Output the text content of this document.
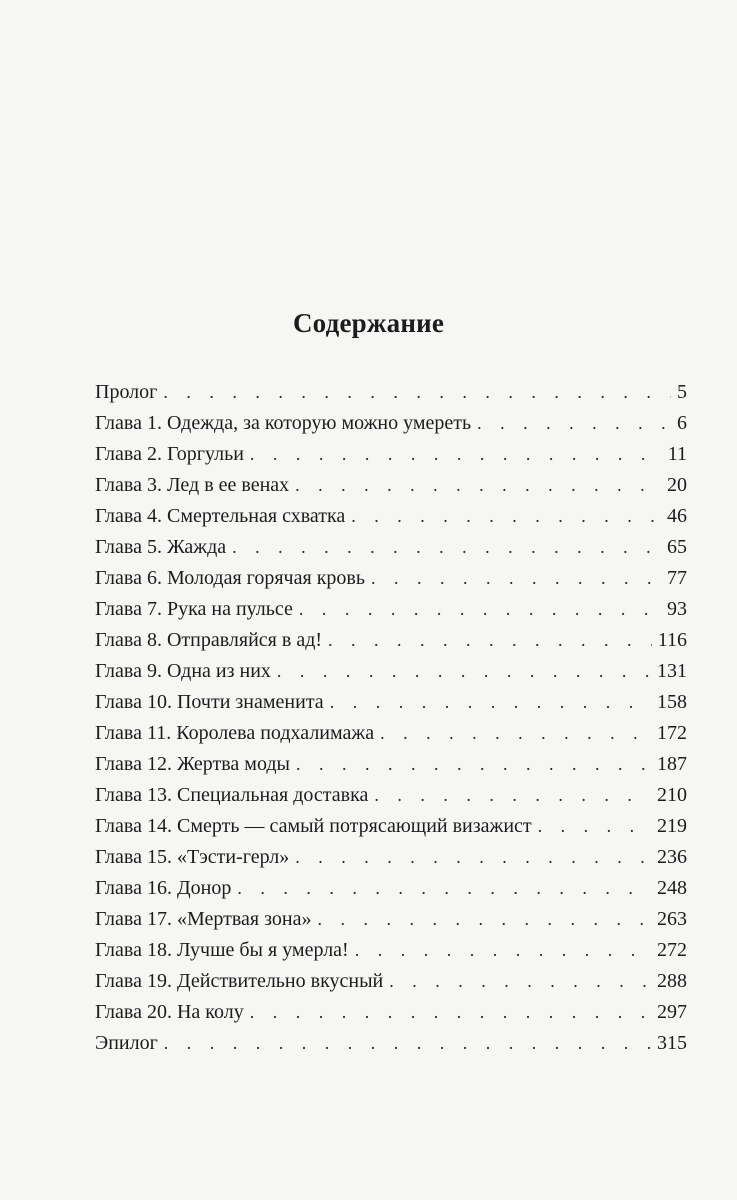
Содержание
Пролог . . .	5
Глава 1. Одежда, за которую можно умереть . . .	6
Глава 2. Горгульи . . .	11
Глава 3. Лед в ее венах . . .	20
Глава 4. Смертельная схватка . . .	46
Глава 5. Жажда . . .	65
Глава 6. Молодая горячая кровь . . .	77
Глава 7. Рука на пульсе . . .	93
Глава 8. Отправляйся в ад! . . .	116
Глава 9. Одна из них . . .	131
Глава 10. Почти знаменита . . .	158
Глава 11. Королева подхалимажа . . .	172
Глава 12. Жертва моды . . .	187
Глава 13. Специальная доставка . . .	210
Глава 14. Смерть — самый потрясающий визажист . . .	219
Глава 15. «Тэсти-герл» . . .	236
Глава 16. Донор . . .	248
Глава 17. «Мертвая зона» . . .	263
Глава 18. Лучше бы я умерла! . . .	272
Глава 19. Действительно вкусный . . .	288
Глава 20. На колу . . .	297
Эпилог . . .	315
